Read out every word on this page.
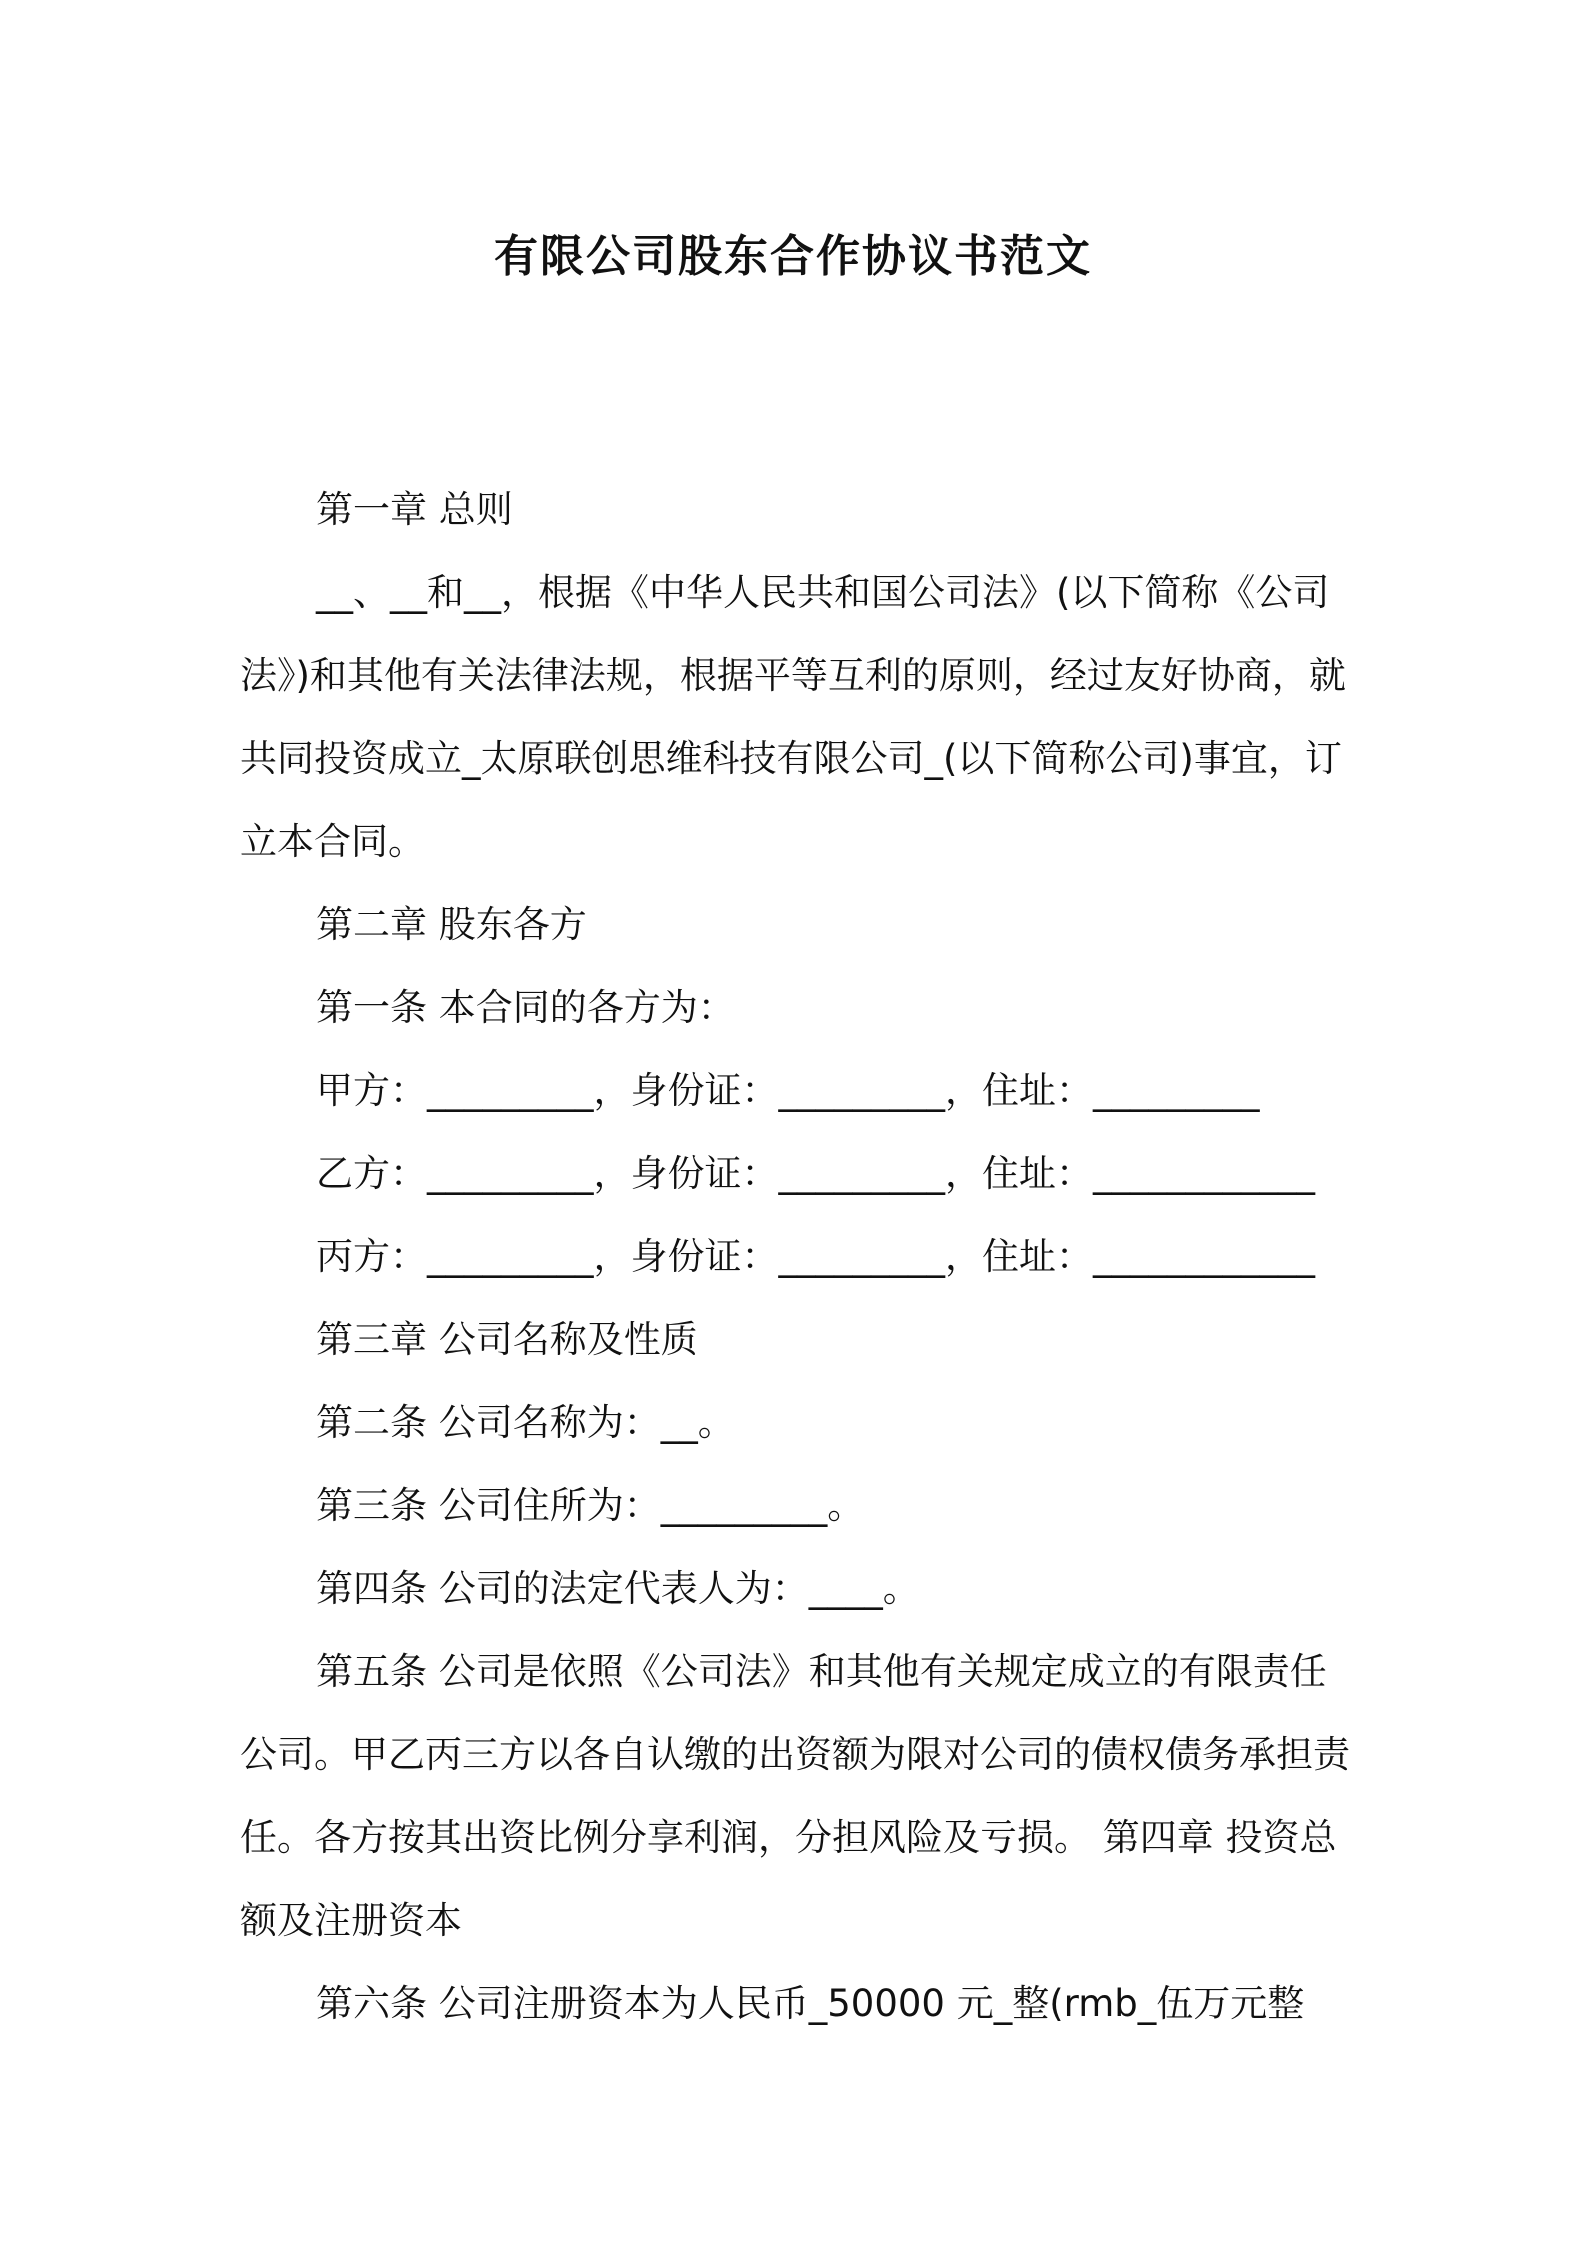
有限公司股东合作协议书范文

第一章 总则

__、__和__，根据《中华人民共和国公司法》(以下简称《公司法》)和其他有关法律法规，根据平等互利的原则，经过友好协商，就共同投资成立_太原联创思维科技有限公司_(以下简称公司)事宜，订立本合同。

第二章 股东各方

第一条 本合同的各方为：

甲方：_________，身份证：_________，住址：_________

乙方：_________，身份证：_________，住址：____________

丙方：_________，身份证：_________，住址：____________

第三章 公司名称及性质

第二条 公司名称为：__。

第三条 公司住所为：_________。

第四条 公司的法定代表人为：____。

第五条 公司是依照《公司法》和其他有关规定成立的有限责任公司。甲乙丙三方以各自认缴的出资额为限对公司的债权债务承担责任。各方按其出资比例分享利润，分担风险及亏损。 第四章 投资总额及注册资本

第六条 公司注册资本为人民币_50000 元_整(rmb_伍万元整
